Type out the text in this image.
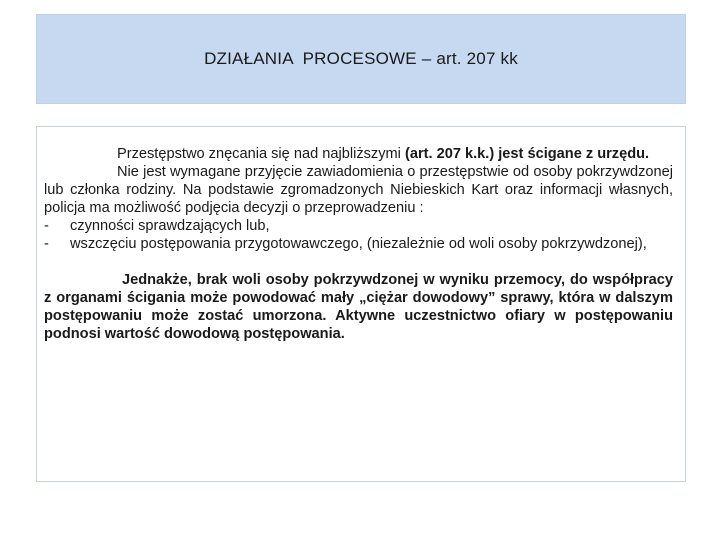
DZIAŁANIA  PROCESOWE – art. 207 kk

Przestępstwo znęcania się nad najbliższymi (art. 207 k.k.) jest ścigane z urzędu.

Nie jest wymagane przyjęcie zawiadomienia o przestępstwie od osoby pokrzywdzonej lub członka rodziny. Na podstawie zgromadzonych Niebieskich Kart oraz informacji własnych, policja ma możliwość podjęcia decyzji o przeprowadzeniu :

-	czynności sprawdzających lub,
-	wszczęciu postępowania przygotowawczego, (niezależnie od woli osoby pokrzywdzonej),

Jednakże, brak woli osoby pokrzywdzonej w wyniku przemocy, do współpracy z organami ścigania może powodować mały „ciężar dowodowy” sprawy, która w dalszym postępowaniu może zostać umorzona. Aktywne uczestnictwo ofiary w postępowaniu podnosi wartość dowodową postępowania.
